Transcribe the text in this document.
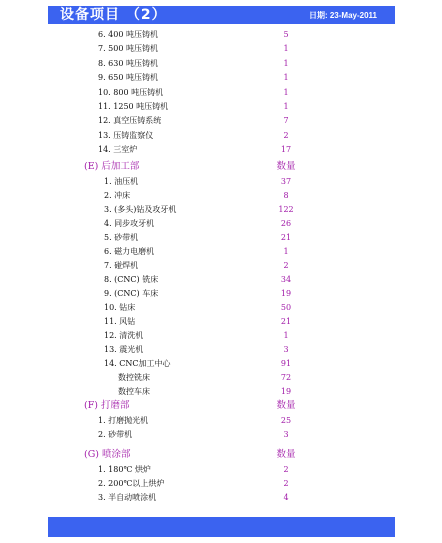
设备项目 （2）	日期: 23-May-2011
6. 400 吨压铸机	5
7. 500 吨压铸机	1
8. 630 吨压铸机	1
9. 650 吨压铸机	1
10. 800 吨压铸机	1
11. 1250 吨压铸机	1
12. 真空压铸系统	7
13. 压铸监察仪	2
14. 三室炉	17
(E) 后加工部	数量
1. 油压机	37
2. 冲床	8
3. (多头)钻及攻牙机	122
4. 同步攻牙机	26
5. 砂带机	21
6. 磁力电磨机	1
7. 碰焊机	2
8. (CNC) 铣床	34
9. (CNC) 车床	19
10. 钻床	50
11. 风钻	21
12. 清洗机	1
13. 震光机	3
14. CNC加工中心	91
数控铣床	72
数控车床	19
(F) 打磨部	数量
1. 打磨抛光机	25
2. 砂带机	3
(G) 喷涂部	数量
1. 180℃ 烘炉	2
2. 200℃以上烘炉	2
3. 半自动喷涂机	4
